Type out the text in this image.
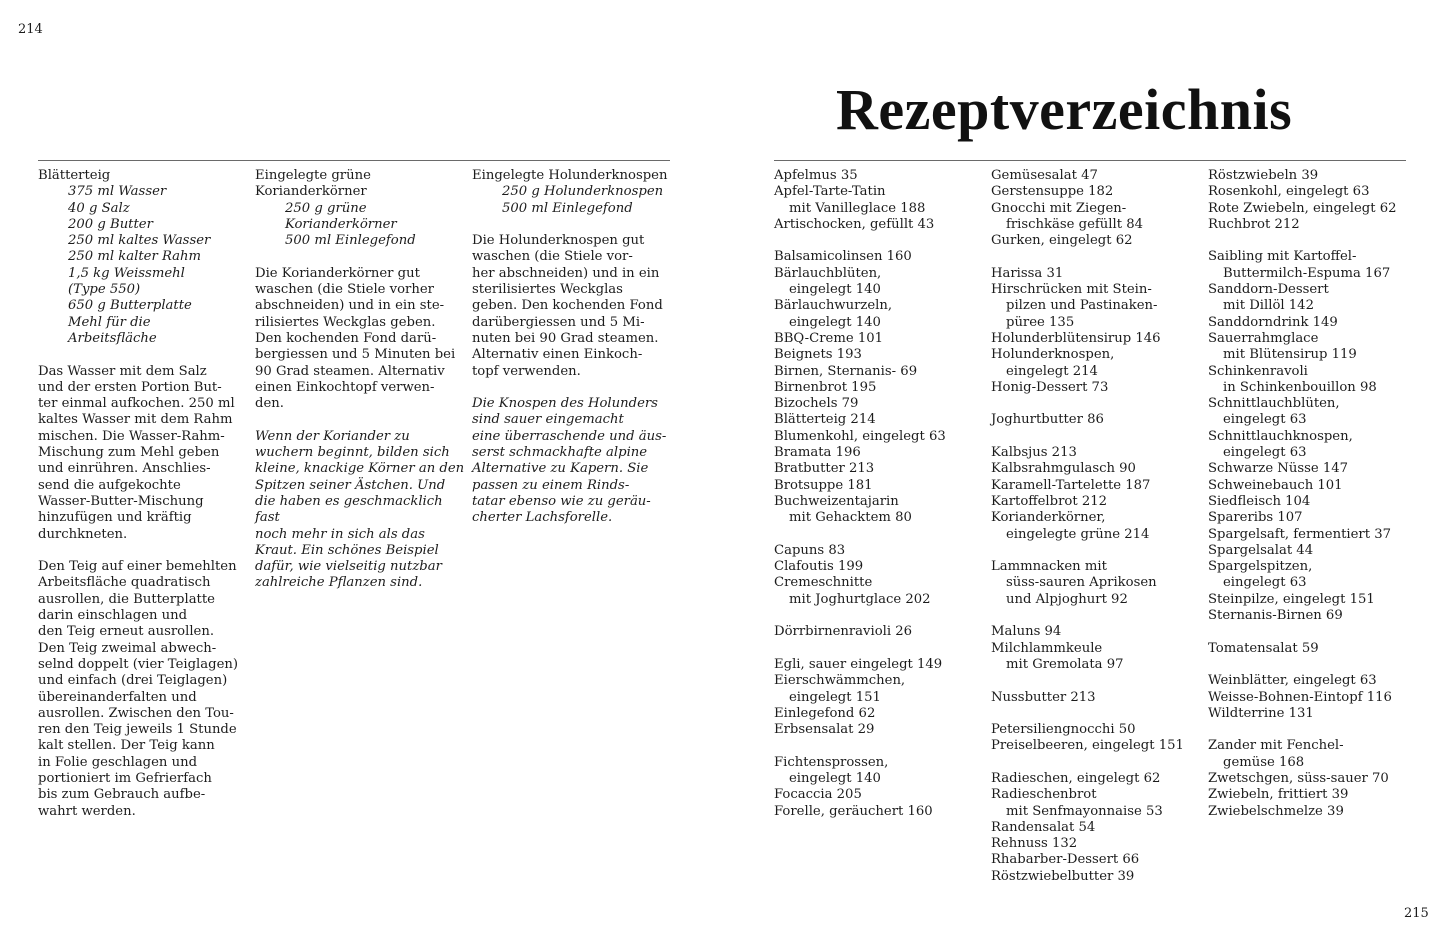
214
215
Rezeptverzeichnis

Blätterteig

375 ml Wasser

40 g Salz

200 g Butter

250 ml kaltes Wasser

250 ml kalter Rahm

1,5 kg Weissmehl

(Type 550)

650 g Butterplatte

Mehl für die Arbeitsfläche

Das Wasser mit dem Salz

und der ersten Portion But-

ter einmal aufkochen. 250 ml

kaltes Wasser mit dem Rahm

mischen. Die Wasser-Rahm-

Mischung zum Mehl geben

und einrühren. Anschlies-

send die aufgekochte

Wasser-Butter-Mischung

hinzufügen und kräftig

durchkneten.

Den Teig auf einer bemehlten

Arbeitsfläche quadratisch

ausrollen, die Butterplatte

darin einschlagen und

den Teig erneut ausrollen.

Den Teig zweimal abwech-

selnd doppelt (vier Teiglagen)

und einfach (drei Teiglagen)

übereinanderfalten und

ausrollen. Zwischen den Tou-

ren den Teig jeweils 1 Stunde

kalt stellen. Der Teig kann

in Folie geschlagen und

portioniert im Gefrierfach

bis zum Gebrauch aufbe-

wahrt werden.

Eingelegte grüne

Korianderkörner

250 g grüne

Korianderkörner

500 ml Einlegefond

Die Korianderkörner gut

waschen (die Stiele vorher

abschneiden) und in ein ste-

rilisiertes Weckglas geben.

Den kochenden Fond darü-

bergiessen und 5 Minuten bei

90 Grad steamen. Alternativ

einen Einkochtopf verwen-

den.

Wenn der Koriander zu

wuchern beginnt, bilden sich

kleine, knackige Körner an den

Spitzen seiner Ästchen. Und

die haben es geschmacklich fast

noch mehr in sich als das

Kraut. Ein schönes Beispiel

dafür, wie vielseitig nutzbar

zahlreiche Pflanzen sind.

Eingelegte Holunderknospen

250 g Holunderknospen

500 ml Einlegefond

Die Holunderknospen gut

waschen (die Stiele vor-

her abschneiden) und in ein

sterilisiertes Weckglas

geben. Den kochenden Fond

darübergiessen und 5 Mi-

nuten bei 90 Grad steamen.

Alternativ einen Einkoch-

topf verwenden.

Die Knospen des Holunders

sind sauer eingemacht

eine überraschende und äus-

serst schmackhafte alpine

Alternative zu Kapern. Sie

passen zu einem Rinds-

tatar ebenso wie zu geräu-

cherter Lachsforelle.

Apfelmus 35

Apfel-Tarte-Tatin

mit Vanilleglace 188

Artischocken, gefüllt 43

Balsamicolinsen 160

Bärlauchblüten,

eingelegt 140

Bärlauchwurzeln,

eingelegt 140

BBQ-Creme 101

Beignets 193

Birnen, Sternanis- 69

Birnenbrot 195

Bizochels 79

Blätterteig 214

Blumenkohl, eingelegt 63

Bramata 196

Bratbutter 213

Brotsuppe 181

Buchweizentajarin

mit Gehacktem 80

Capuns 83

Clafoutis 199

Cremeschnitte

mit Joghurtglace 202

Dörrbirnenravioli 26

Egli, sauer eingelegt 149

Eierschwämmchen,

eingelegt 151

Einlegefond 62

Erbsensalat 29

Fichtensprossen,

eingelegt 140

Focaccia 205

Forelle, geräuchert 160

Gemüsesalat 47

Gerstensuppe 182

Gnocchi mit Ziegen-

frischkäse gefüllt 84

Gurken, eingelegt 62

Harissa 31

Hirschrücken mit Stein-

pilzen und Pastinaken-

püree 135

Holunderblütensirup 146

Holunderknospen,

eingelegt 214

Honig-Dessert 73

Joghurtbutter 86

Kalbsjus 213

Kalbsrahmgulasch 90

Karamell-Tartelette 187

Kartoffelbrot 212

Korianderkörner,

eingelegte grüne 214

Lammnacken mit

süss-sauren Aprikosen

und Alpjoghurt 92

Maluns 94

Milchlammkeule

mit Gremolata 97

Nussbutter 213

Petersiliengnocchi 50

Preiselbeeren, eingelegt 151

Radieschen, eingelegt 62

Radieschenbrot

mit Senfmayonnaise 53

Randensalat 54

Rehnuss 132

Rhabarber-Dessert 66

Röstzwiebelbutter 39

Röstzwiebeln 39

Rosenkohl, eingelegt 63

Rote Zwiebeln, eingelegt 62

Ruchbrot 212

Saibling mit Kartoffel-

Buttermilch-Espuma 167

Sanddorn-Dessert

mit Dillöl 142

Sanddorndrink 149

Sauerrahmglace

mit Blütensirup 119

Schinkenravoli

in Schinkenbouillon 98

Schnittlauchblüten,

eingelegt 63

Schnittlauchknospen,

eingelegt 63

Schwarze Nüsse 147

Schweinebauch 101

Siedfleisch 104

Spareribs 107

Spargelsaft, fermentiert 37

Spargelsalat 44

Spargelspitzen,

eingelegt 63

Steinpilze, eingelegt 151

Sternanis-Birnen 69

Tomatensalat 59

Weinblätter, eingelegt 63

Weisse-Bohnen-Eintopf 116

Wildterrine 131

Zander mit Fenchel-

gemüse 168

Zwetschgen, süss-sauer 70

Zwiebeln, frittiert 39

Zwiebelschmelze 39
